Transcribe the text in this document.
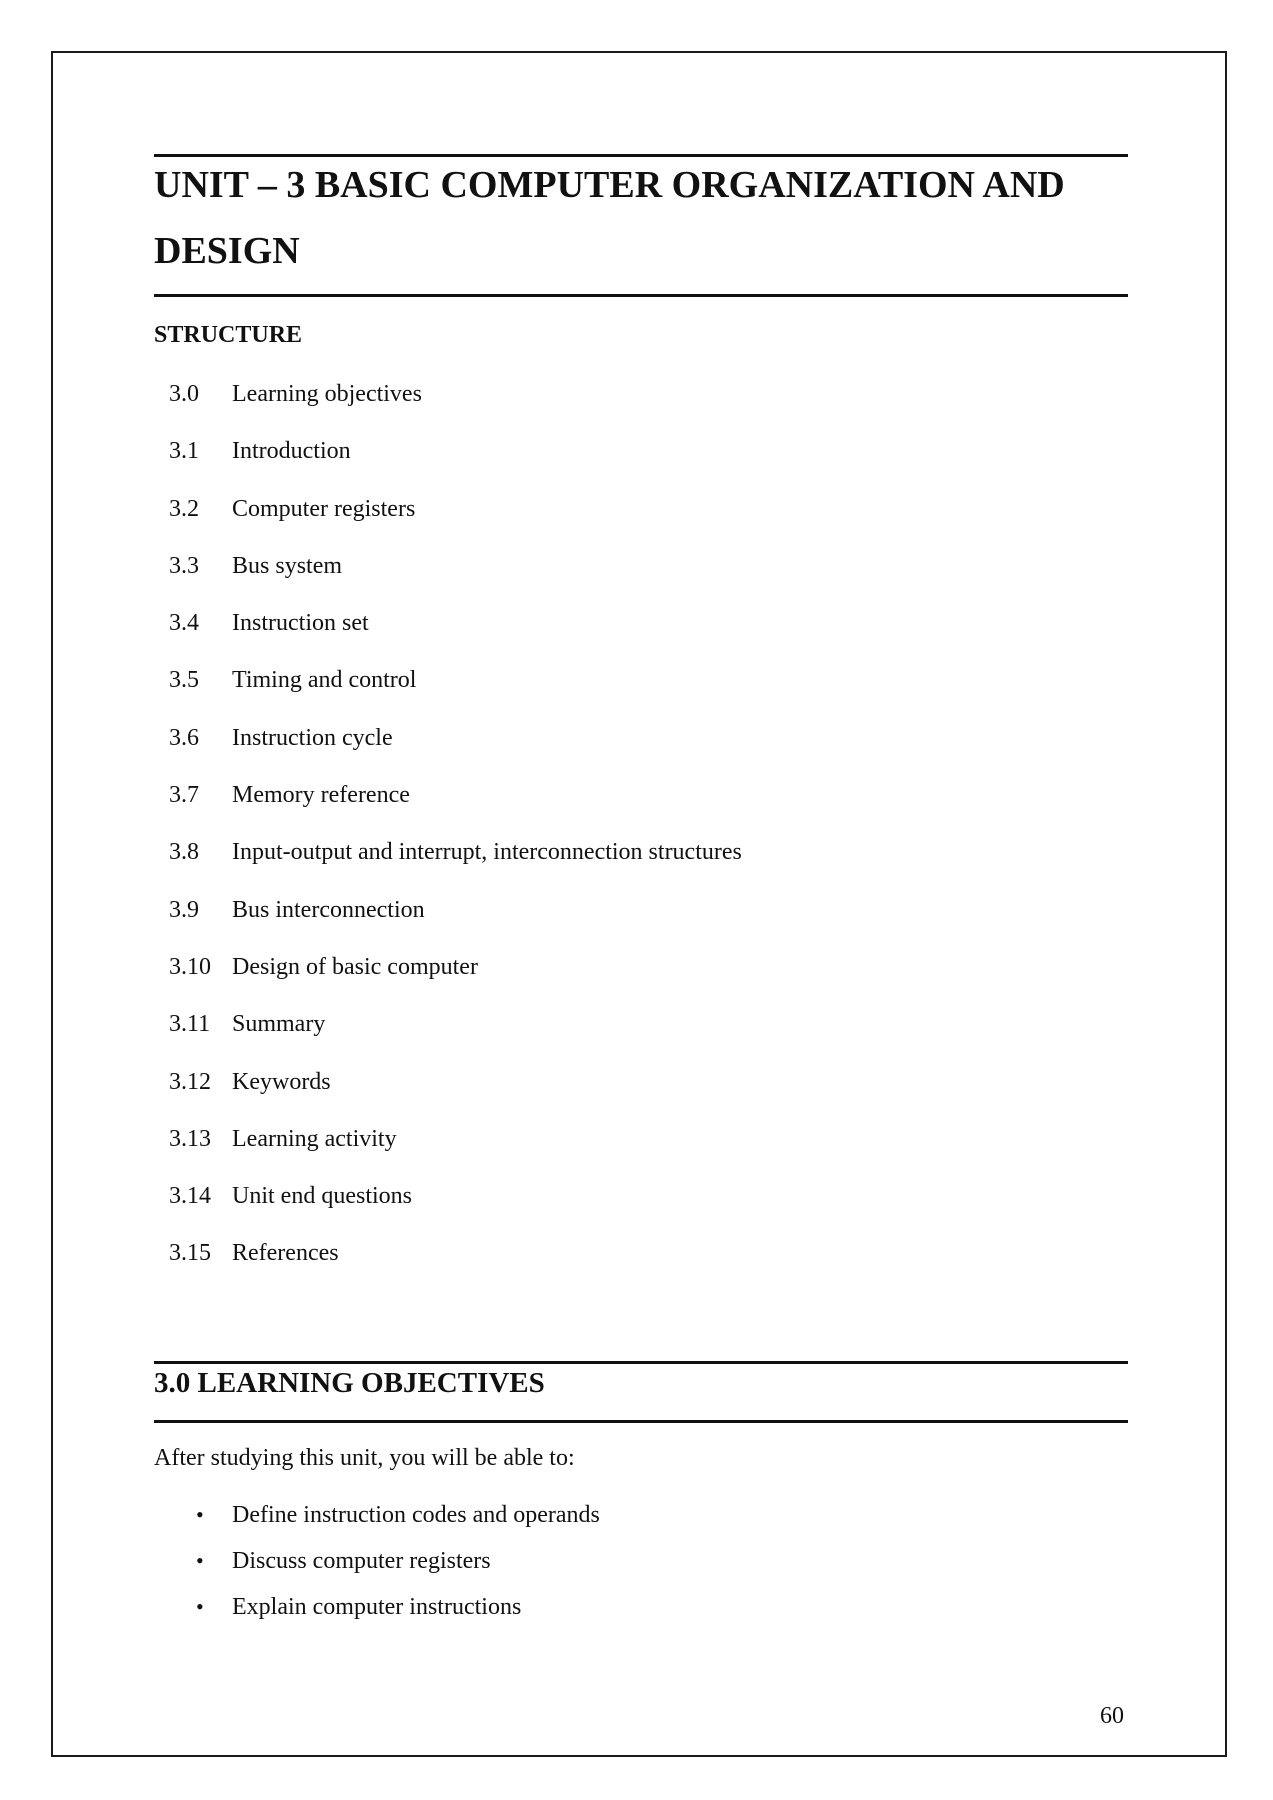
UNIT – 3 BASIC COMPUTER ORGANIZATION AND DESIGN
STRUCTURE
3.0	Learning objectives
3.1	Introduction
3.2	Computer registers
3.3	Bus system
3.4	Instruction set
3.5	Timing and control
3.6	Instruction cycle
3.7	Memory reference
3.8	Input-output and interrupt, interconnection structures
3.9	Bus interconnection
3.10 Design of basic computer
3.11 Summary
3.12 Keywords
3.13 Learning activity
3.14 Unit end questions
3.15 References
3.0 LEARNING OBJECTIVES
After studying this unit, you will be able to:
•	Define instruction codes and operands
•	Discuss computer registers
•	Explain computer instructions
60
